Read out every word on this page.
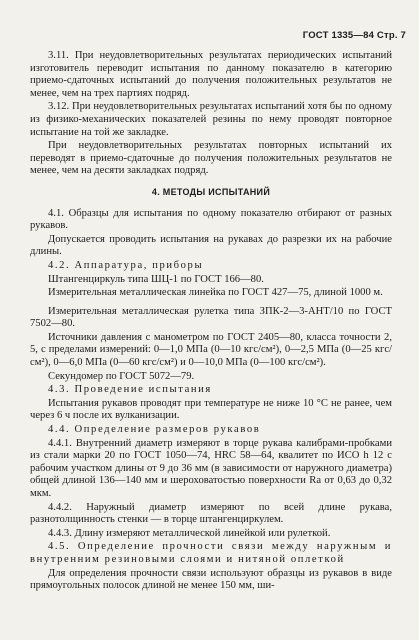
ГОСТ 1335—84 Стр. 7

3.11. При неудовлетворительных результатах периодических испытаний изготовитель переводит испытания по данному показателю в категорию приемо-сдаточных испытаний до получения положительных результатов не менее, чем на трех партиях подряд.

3.12. При неудовлетворительных результатах испытаний хотя бы по одному из физико-механических показателей резины по нему проводят повторное испытание на той же закладке.

При неудовлетворительных результатах повторных испытаний их переводят в приемо-сдаточные до получения положительных результатов не менее, чем на десяти закладках подряд.

4. МЕТОДЫ ИСПЫТАНИЙ

4.1. Образцы для испытания по одному показателю отбирают от разных рукавов.

Допускается проводить испытания на рукавах до разрезки их на рабочие длины.

4.2. Аппаратура, приборы

Штангенциркуль типа ШЦ-1 по ГОСТ 166—80.

Измерительная металлическая линейка по ГОСТ 427—75, длиной 1000 м.

Измерительная металлическая рулетка типа ЗПК-2—3-АНТ/10 по ГОСТ 7502—80.

Источники давления с манометром по ГОСТ 2405—80, класса точности 2, 5, с пределами измерений: 0—1,0 МПа (0—10 кгс/см²), 0—2,5 МПа (0—25 кгс/см²), 0—6,0 МПа (0—60 кгс/см²) и 0—10,0 МПа (0—100 кгс/см²).

Секундомер по ГОСТ 5072—79.

4.3. Проведение испытания

Испытания рукавов проводят при температуре не ниже 10 °С не ранее, чем через 6 ч после их вулканизации.

4.4. Определение размеров рукавов

4.4.1. Внутренний диаметр измеряют в торце рукава калибрами-пробками из стали марки 20 по ГОСТ 1050—74, HRC 58—64, квалитет по ИСО h 12 с рабочим участком длины от 9 до 36 мм (в зависимости от наружного диаметра) общей длиной 136—140 мм и шероховатостью поверхности Ra от 0,63 до 0,32 мкм.

4.4.2. Наружный диаметр измеряют по всей длине рукава, разнотолщинность стенки — в торце штангенциркулем.

4.4.3. Длину измеряют металлической линейкой или рулеткой.

4.5. Определение прочности связи между наружным и внутренним резиновыми слоями и нитяной оплеткой

Для определения прочности связи используют образцы из рукавов в виде прямоугольных полосок длиной не менее 150 мм, ши-
